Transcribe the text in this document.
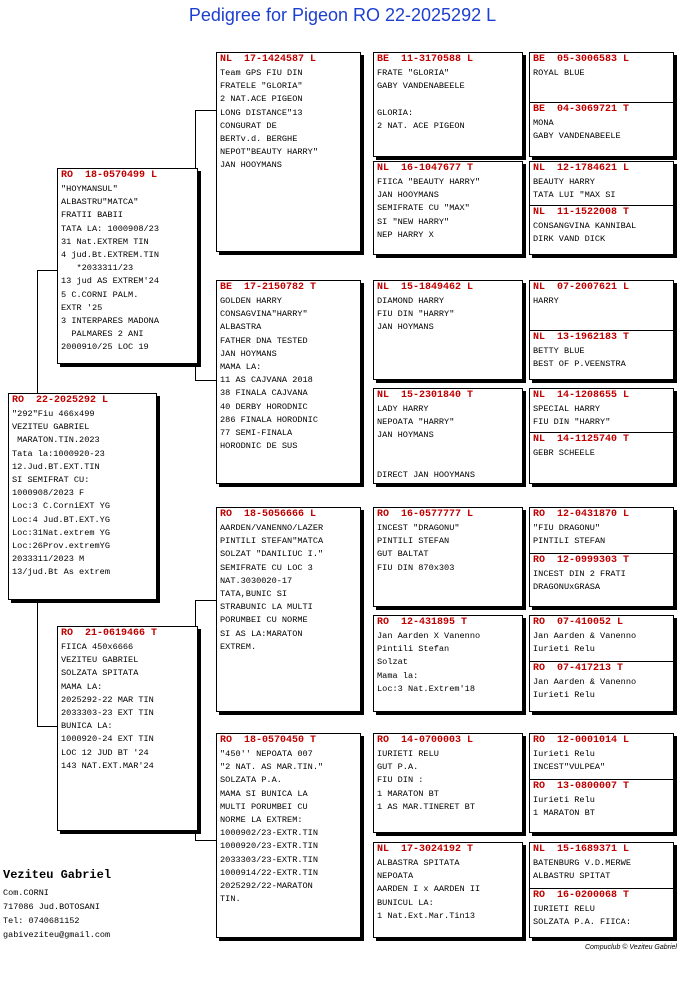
Pedigree for Pigeon RO 22-2025292 L
RO  22-2025292 L
"292"Fiu 466x499
VEZITEU GABRIEL
MARATON.TIN.2023
Tata la:1000920-23
12.Jud.BT.EXT.TIN
SI SEMIFRAT CU:
1000908/2023 F
Loc:3 C.CorniEXT YG
Loc:4 Jud.BT.EXT.YG
Loc:31Nat.extrem YG
Loc:26Prov.extremYG
2033311/2023 M
13/jud.Bt As extrem
RO  18-0570499 L
"HOYMANSUL"
ALBASTRU"MATCA"
FRATII BABII
TATA LA: 1000908/23
31 Nat.EXTREM TIN
4 jud.Bt.EXTREM.TIN
*2033311/23
13 jud AS EXTREM'24
5 C.CORNI PALM.
EXTR '25
3 INTERPARES MADONA
PALMARES 2 ANI
2000910/25 LOC 19
RO  21-0619466 T
FIICA 450x6666
VEZITEU GABRIEL
SOLZATA SPITATA
MAMA LA:
2025292-22 MAR TIN
2033303-23 EXT TIN
BUNICA LA:
1000920-24 EXT TIN
LOC 12 JUD BT '24
143 NAT.EXT.MAR'24
NL  17-1424587 L
Team GPS FIU DIN
FRATELE "GLORIA"
2 NAT.ACE PIGEON
LONG DISTANCE"13
CONGURAT DE
BERTv.d. BERGHE
NEPOT"BEAUTY HARRY"
JAN HOOYMANS
BE  17-2150782 T
GOLDEN HARRY
CONSAGVINA"HARRY"
ALBASTRA
FATHER DNA TESTED
JAN HOYMANS
MAMA LA:
11 AS CAJVANA 2018
38 FINALA CAJVANA
40 DERBY HORODNIC
286 FINALA HORODNIC
77 SEMI-FINALA
HORODNIC DE SUS
RO  18-5056666 L
AARDEN/VANENNO/LAZER
PINTILI STEFAN"MATCA
SOLZAT "DANILIUC I."
SEMIFRATE CU LOC 3
NAT.3030020-17
TATA,BUNIC SI
STRABUNIC LA MULTI
PORUMBEI CU NORME
SI AS LA:MARATON
EXTREM.
RO  18-0570450 T
"450'' NEPOATA 007
"2 NAT. AS MAR.TIN."
SOLZATA P.A.
MAMA SI BUNICA LA
MULTI PORUMBEI CU
NORME LA EXTREM:
1000902/23-EXTR.TIN
1000920/23-EXTR.TIN
2033303/23-EXTR.TIN
1000914/22-EXTR.TIN
2025292/22-MARATON
TIN.
BE  11-3170588 L
FRATE "GLORIA"
GABY VANDENABEELE

GLORIA:
2 NAT. ACE PIGEON
NL  16-1047677 T
FIICA "BEAUTY HARRY"
JAN HOOYMANS
SEMIFRATE CU "MAX"
SI "NEW HARRY"
NEP HARRY X
NL  15-1849462 L
DIAMOND HARRY
FIU DIN "HARRY"
JAN HOYMANS
NL  15-2301840 T
LADY HARRY
NEPOATA "HARRY"
JAN HOYMANS

DIRECT JAN HOOYMANS
RO  16-0577777 L
INCEST "DRAGONU"
PINTILI STEFAN
GUT BALTAT
FIU DIN 870x303
RO  12-431895 T
Jan Aarden X Vanenno
Pintili Stefan
Solzat
Mama la:
Loc:3 Nat.Extrem'18
RO  14-0700003 L
IURIETI RELU
GUT P.A.
FIU DIN :
1 MARATON BT
1 AS MAR.TINERET BT
NL  17-3024192 T
ALBASTRA SPITATA
NEPOATA
AARDEN I x AARDEN II
BUNICUL LA:
1 Nat.Ext.Mar.Tin13
BE  05-3006583 L
ROYAL BLUE
BE  04-3069721 T
MONA
GABY VANDENABEELE
NL  12-1784621 L
BEAUTY HARRY
TATA LUI "MAX SI
NL  11-1522008 T
CONSANGVINA KANNIBAL
DIRK VAND DICK
NL  07-2007621 L
HARRY
NL  13-1962183 T
BETTY BLUE
BEST OF P.VEENSTRA
NL  14-1208655 L
SPECIAL HARRY
FIU DIN "HARRY"
NL  14-1125740 T
GEBR SCHEELE
RO  12-0431870 L
"FIU DRAGONU"
PINTILI STEFAN
RO  12-0999303 T
INCEST DIN 2 FRATI
DRAGONUxGRASA
RO  07-410052 L
Jan Aarden & Vanenno
Iurieti Relu
RO  07-417213 T
Jan Aarden & Vanenno
Iurieti Relu
RO  12-0001014 L
Iurieti Relu
INCEST"VULPEA"
RO  13-0800007 T
Iurieti Relu
1 MARATON BT
NL  15-1689371 L
BATENBURG V.D.MERWE
ALBASTRU SPITAT
RO  16-0200068 T
IURIETI RELU
SOLZATA P.A. FIICA:
Veziteu Gabriel
Com.CORNI
717086 Jud.BOTOSANI
Tel: 0740681152
gabiveziteu@gmail.com
Compuclub © Veziteu Gabriel
